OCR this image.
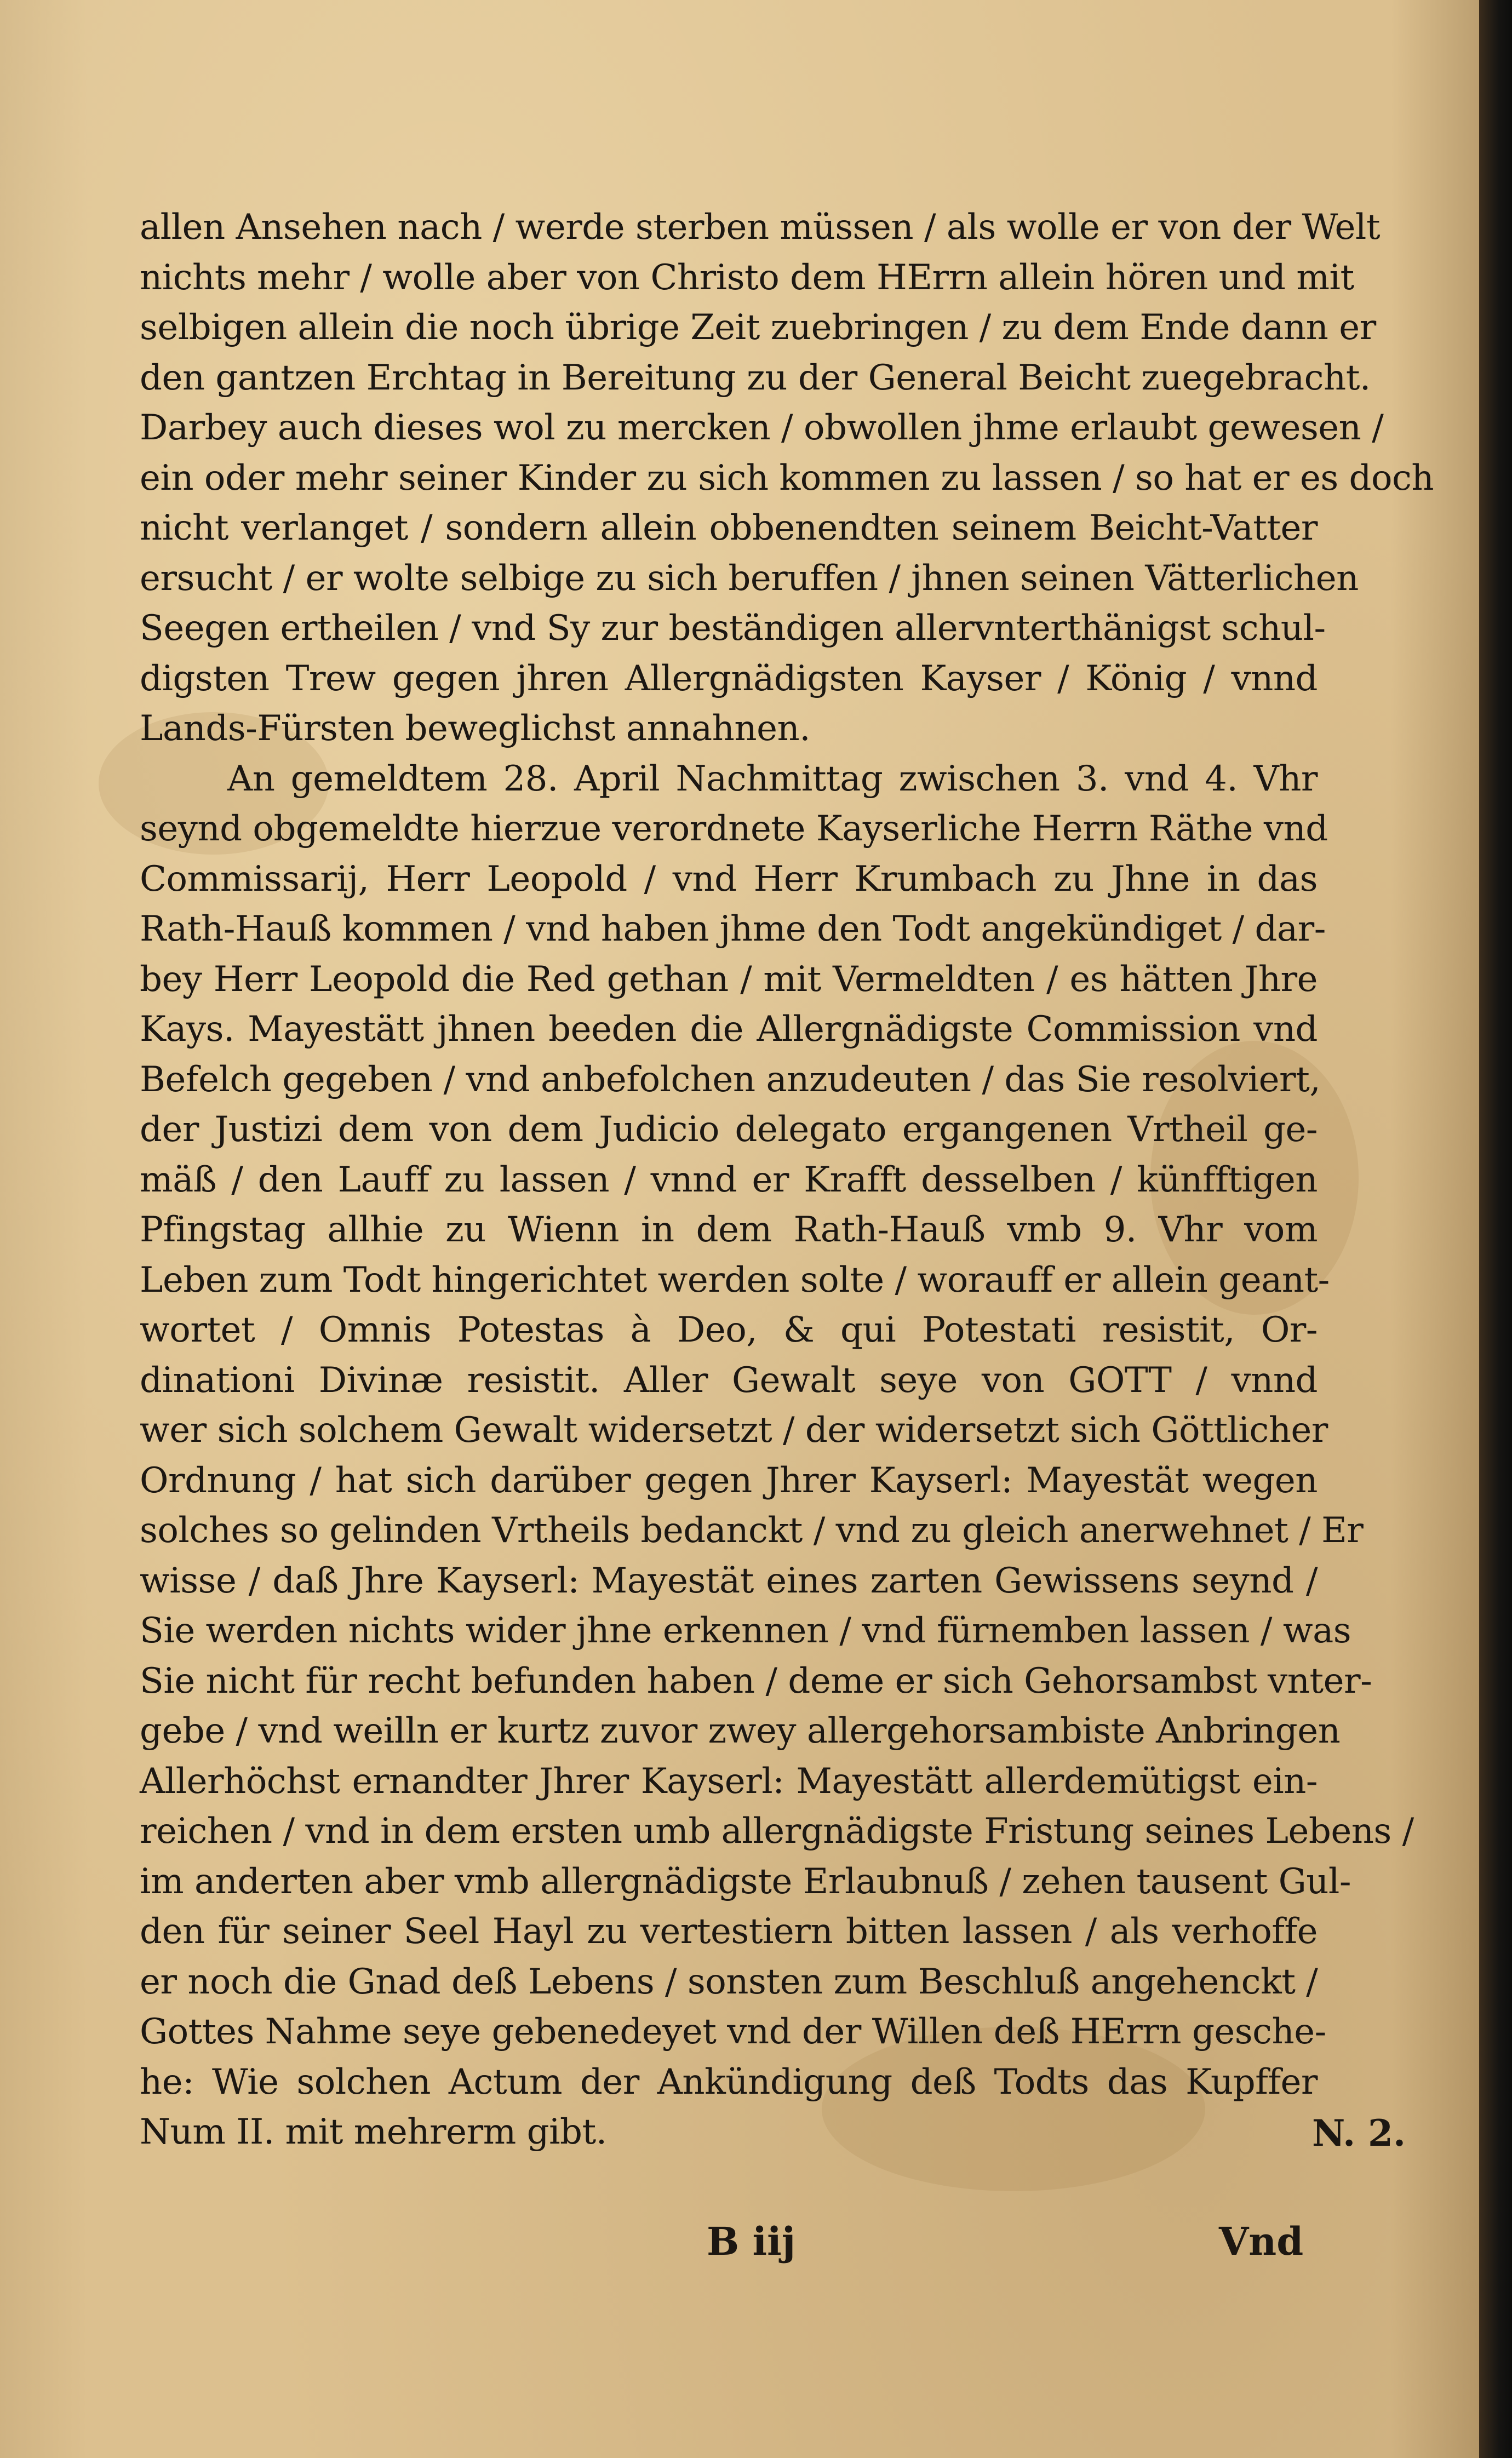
allen Ansehen nach / werde sterben müssen / als wolle er von der Welt
nichts mehr / wolle aber von Christo dem HErrn allein hören und mit
selbigen allein die noch übrige Zeit zuebringen / zu dem Ende dann er
den gantzen Erchtag in Bereitung zu der General Beicht zuegebracht.
Darbey auch dieses wol zu mercken / obwollen jhme erlaubt gewesen /
ein oder mehr seiner Kinder zu sich kommen zu lassen / so hat er es doch
nicht verlanget / sondern allein obbenendten seinem Beicht-Vatter
ersucht / er wolte selbige zu sich beruffen / jhnen seinen Vätterlichen
Seegen ertheilen / vnd Sy zur beständigen allervnterthänigst schul-
digsten Trew gegen jhren Allergnädigsten Kayser / König / vnnd
Lands-Fürsten beweglichst annahnen.
An gemeldtem 28. April Nachmittag zwischen 3. vnd 4. Vhr
seynd obgemeldte hierzue verordnete Kayserliche Herrn Räthe vnd
Commissarij, Herr Leopold / vnd Herr Krumbach zu Jhne in das
Rath-Hauß kommen / vnd haben jhme den Todt angekündiget / dar-
bey Herr Leopold die Red gethan / mit Vermeldten / es hätten Jhre
Kays. Mayestätt jhnen beeden die Allergnädigste Commission vnd
Befelch gegeben / vnd anbefolchen anzudeuten / das Sie resolviert,
der Justizi dem von dem Judicio delegato ergangenen Vrtheil ge-
mäß / den Lauff zu lassen / vnnd er Krafft desselben / künfftigen
Pfingstag allhie zu Wienn in dem Rath-Hauß vmb 9. Vhr vom
Leben zum Todt hingerichtet werden solte / worauff er allein geant-
wortet / Omnis Potestas à Deo, & qui Potestati resistit, Or-
dinationi Divinæ resistit. Aller Gewalt seye von GOTT / vnnd
wer sich solchem Gewalt widersetzt / der widersetzt sich Göttlicher
Ordnung / hat sich darüber gegen Jhrer Kayserl: Mayestät wegen
solches so gelinden Vrtheils bedanckt / vnd zu gleich anerwehnet / Er
wisse / daß Jhre Kayserl: Mayestät eines zarten Gewissens seynd /
Sie werden nichts wider jhne erkennen / vnd fürnemben lassen / was
Sie nicht für recht befunden haben / deme er sich Gehorsambst vnter-
gebe / vnd weilln er kurtz zuvor zwey allergehorsambiste Anbringen
Allerhöchst ernandter Jhrer Kayserl: Mayestätt allerdemütigst ein-
reichen / vnd in dem ersten umb allergnädigste Fristung seines Lebens /
im anderten aber vmb allergnädigste Erlaubnuß / zehen tausent Gul-
den für seiner Seel Hayl zu vertestiern bitten lassen / als verhoffe
er noch die Gnad deß Lebens / sonsten zum Beschluß angehenckt /
Gottes Nahme seye gebenedeyet vnd der Willen deß HErrn gesche-
he: Wie solchen Actum der Ankündigung deß Todts das Kupffer
Num II. mit mehrerm gibt.	N. 2.
B iij	Vnd
